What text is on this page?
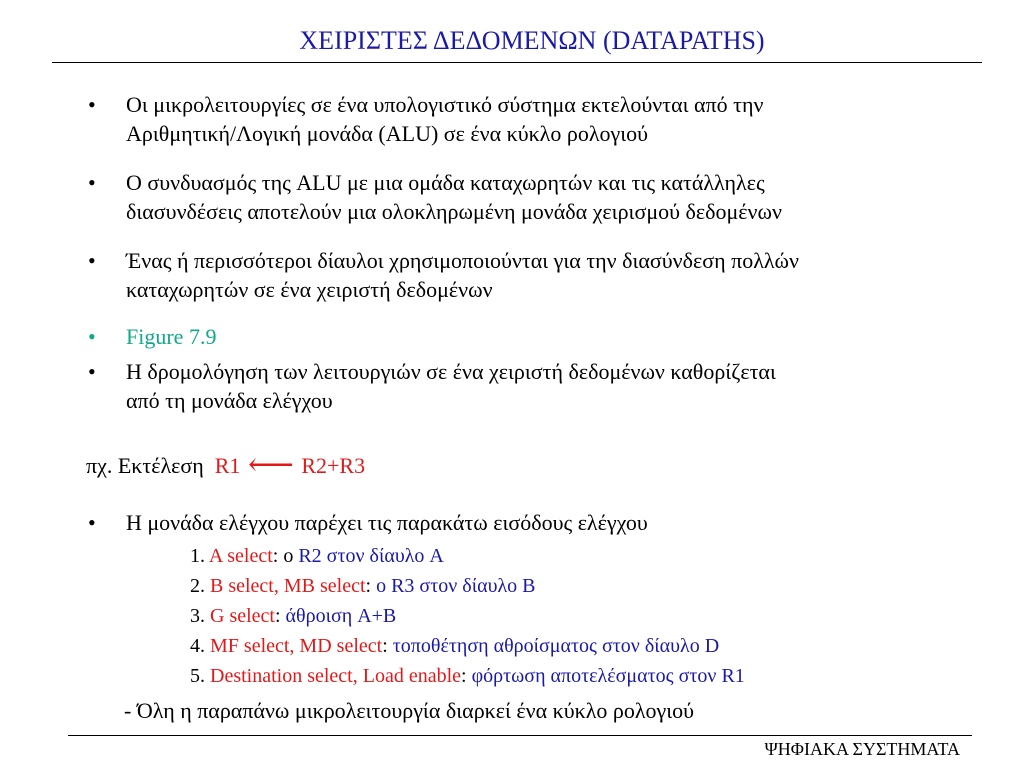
ΧΕΙΡΙΣΤΕΣ ΔΕΔΟΜΕΝΩΝ (DATAPATHS)
• Οι μικρολειτουργίες σε ένα υπολογιστικό σύστημα εκτελούνται από την
Αριθμητική/Λογική μονάδα (ALU) σε ένα κύκλο ρολογιού
• Ο συνδυασμός της ALU με μια ομάδα καταχωρητών και τις κατάλληλες
διασυνδέσεις αποτελούν μια ολοκληρωμένη μονάδα χειρισμού δεδομένων
• Ένας ή περισσότεροι δίαυλοι χρησιμοποιούνται για την διασύνδεση πολλών
καταχωρητών σε ένα χειριστή δεδομένων
• Figure 7.9
• Η δρομολόγηση των λειτουργιών σε ένα χειριστή δεδομένων καθορίζεται
από τη μονάδα ελέγχου
πχ. Εκτέλεση R1 ⟵ R2+R3
• Η μονάδα ελέγχου παρέχει τις παρακάτω εισόδους ελέγχου
1. A select: ο R2 στον δίαυλο A
2. B select, MB select: ο R3 στον δίαυλο B
3. G select: άθροιση A+B
4. MF select, MD select: τοποθέτηση αθροίσματος στον δίαυλο D
5. Destination select, Load enable: φόρτωση αποτελέσματος στον R1
- Όλη η παραπάνω μικρολειτουργία διαρκεί ένα κύκλο ρολογιού
ΨΗΦΙΑΚΑ ΣΥΣΤΗΜΑΤΑ
